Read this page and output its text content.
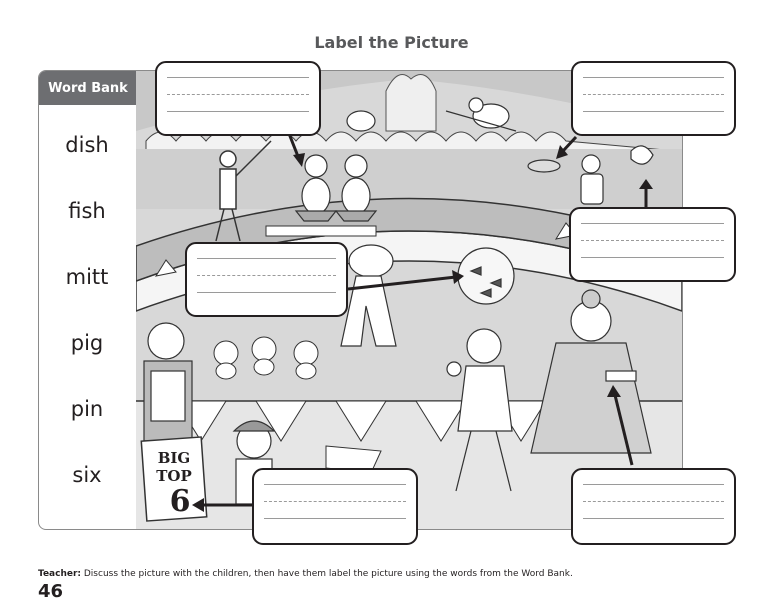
Label the Picture
Word Bank
dish
fish
mitt
pig
pin
six
BIG
TOP
6
Teacher: Discuss the picture with the children, then have them label the picture using the words from the Word Bank.
46
